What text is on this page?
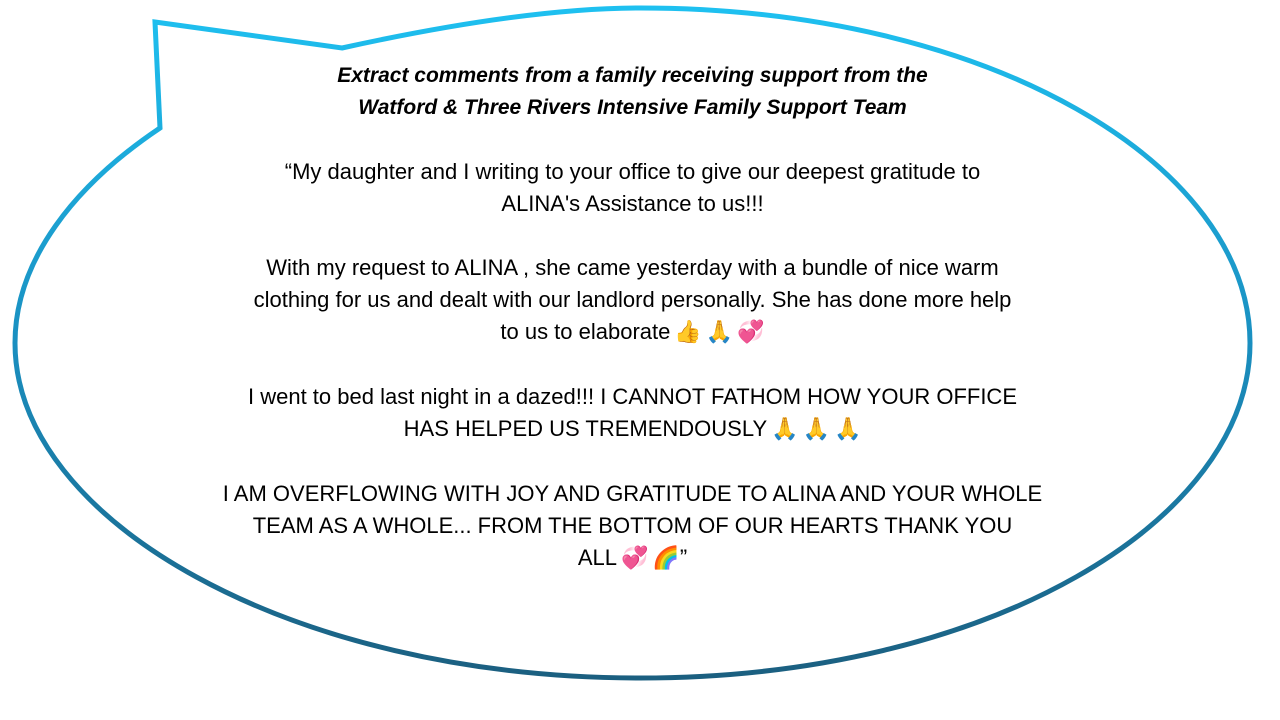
Extract comments from a family receiving support from the
Watford & Three Rivers Intensive Family Support Team
“My daughter and I writing to your office to give our deepest gratitude to
ALINA's Assistance to us!!!
With my request to ALINA , she came yesterday with a bundle of nice warm
clothing for us and dealt with our landlord personally. She has done more help
to us to elaborate 👍 🙏 💞
I went to bed last night in a dazed!!! I CANNOT FATHOM HOW YOUR OFFICE
HAS HELPED US TREMENDOUSLY 🙏 🙏 🙏
I AM OVERFLOWING WITH JOY AND GRATITUDE TO ALINA AND YOUR WHOLE
TEAM AS A WHOLE... FROM THE BOTTOM OF OUR HEARTS THANK YOU
ALL 💞 🌈”
